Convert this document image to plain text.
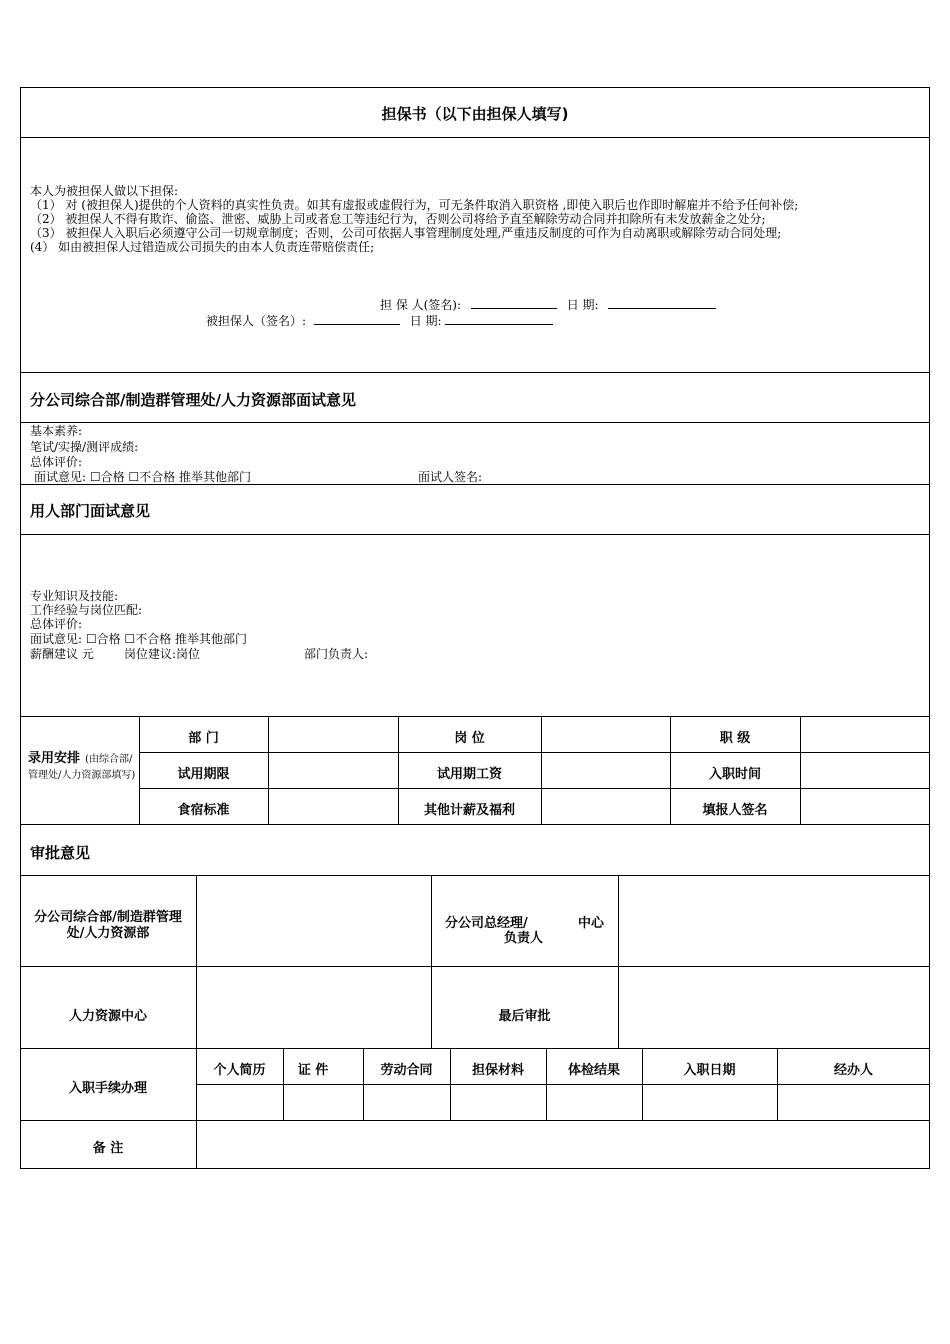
担保书（以下由担保人填写)
本人为被担保人做以下担保:
（1） 对 (被担保人)提供的个人资料的真实性负责。如其有虚报或虚假行为，可无条件取消入职资格 ,即使入职后也作即时解雇并不给予任何补偿;
（2） 被担保人不得有欺诈、偷盗、泄密、威胁上司或者怠工等违纪行为，否则公司将给予直至解除劳动合同并扣除所有未发放薪金之处分;
（3） 被担保人入职后必须遵守公司一切规章制度；否则，公司可依据人事管理制度处理,严重违反制度的可作为自动离职或解除劳动合同处理;
(4） 如由被担保人过错造成公司损失的由本人负责连带赔偿责任;
担 保 人(签名):	日 期:
被担保人（签名）:	日 期:
分公司综合部/制造群管理处/人力资源部面试意见
基本素养:
笔试/实操/测评成绩:
总体评价:
面试意见: ☐合格 ☐不合格 推举其他部门	面试人签名:
用人部门面试意见
专业知识及技能:
工作经验与岗位匹配:
总体评价:
面试意见: ☐合格 ☐不合格 推举其他部门
薪酬建议 元	岗位建议:岗位	部门负责人:
录用安排 (由综合部/管理处/人力资源部填写)
部 门	岗 位	职 级
试用期限	试用期工资	入职时间
食宿标准	其他计薪及福利	填报人签名
审批意见
分公司综合部/制造群管理处/人力资源部
分公司总经理/	中心
负责人
人力资源中心	最后审批
入职手续办理
个人简历	证 件	劳动合同	担保材料	体检结果	入职日期	经办人
备 注
